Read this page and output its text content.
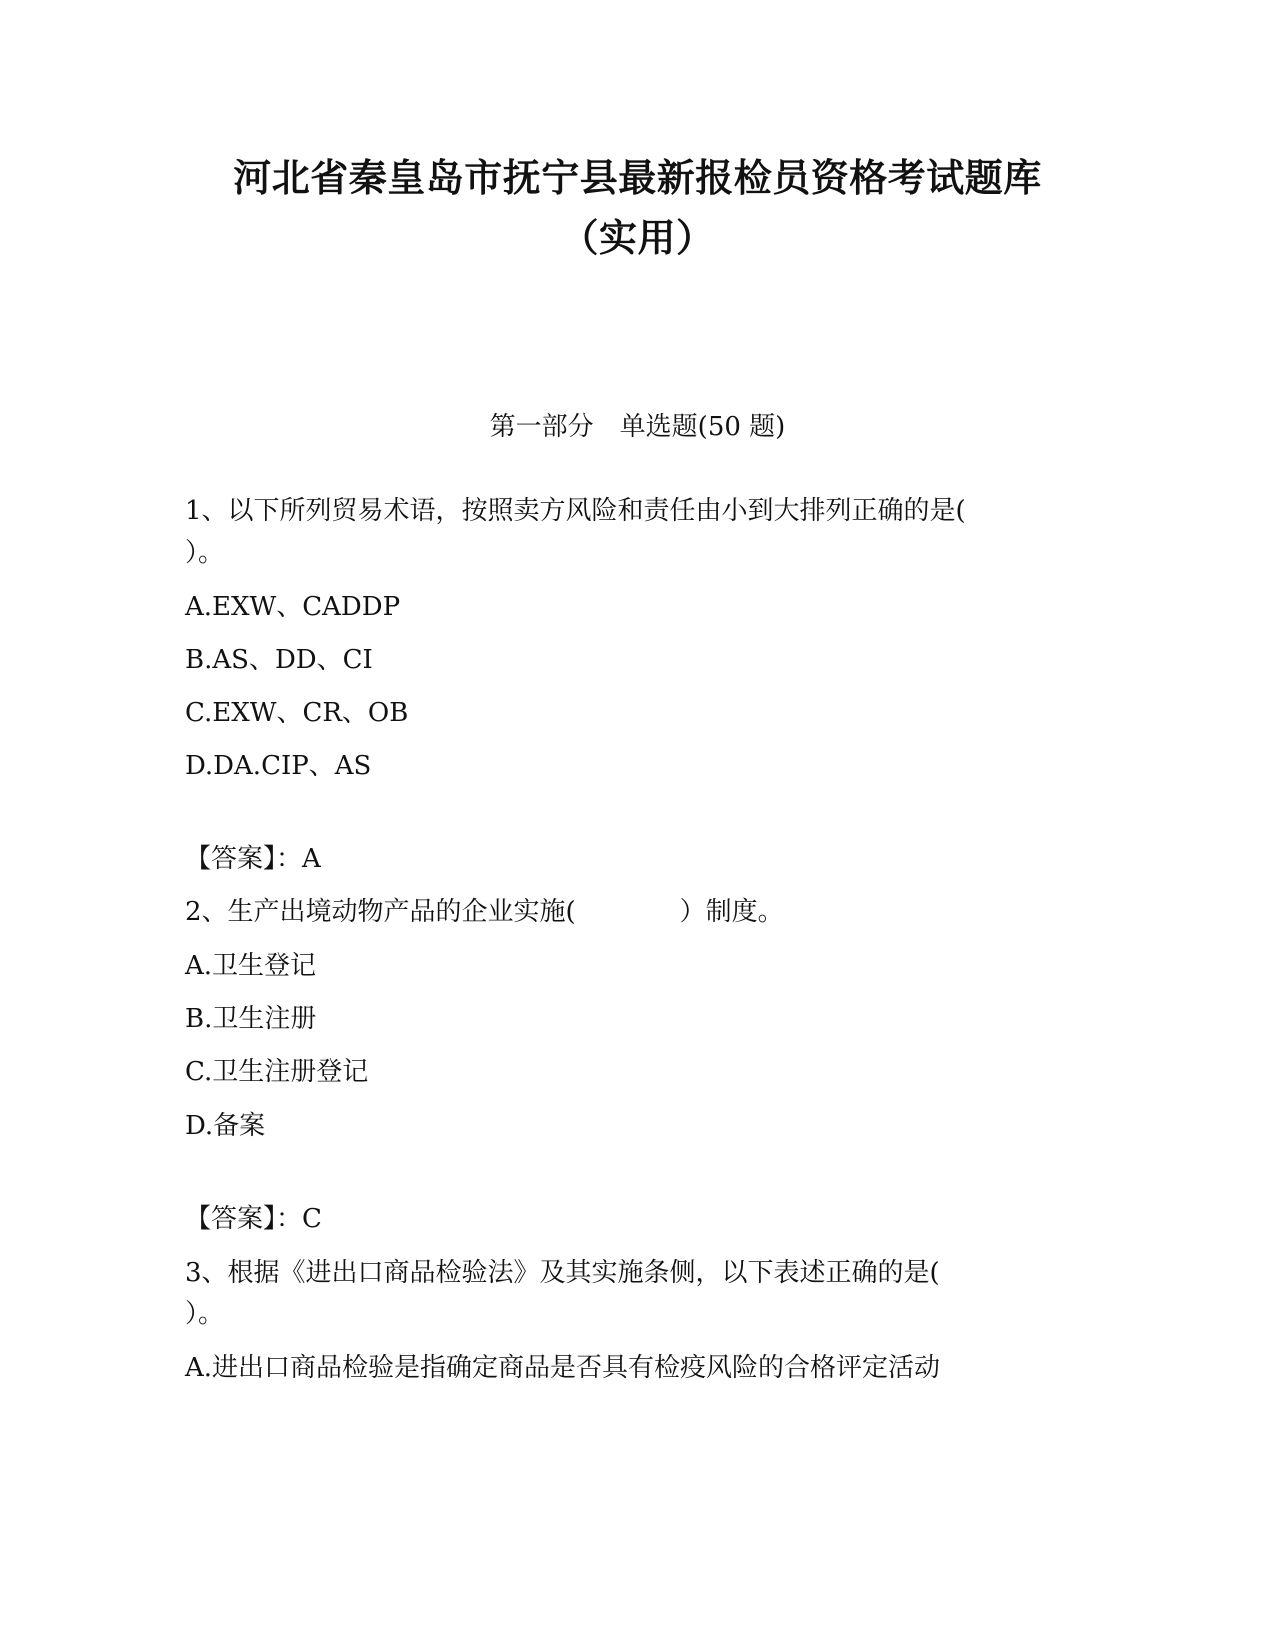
河北省秦皇岛市抚宁县最新报检员资格考试题库
（实用）
第一部分　单选题(50 题)
1、以下所列贸易术语，按照卖方风险和责任由小到大排列正确的是(
）。
A.EXW、CADDP
B.AS、DD、CI
C.EXW、CR、OB
D.DA.CIP、AS
【答案】：A
2、生产出境动物产品的企业实施(　　　　）制度。
A.卫生登记
B.卫生注册
C.卫生注册登记
D.备案
【答案】：C
3、根据《进出口商品检验法》及其实施条侧，以下表述正确的是(
）。
A.进出口商品检验是指确定商品是否具有检疫风险的合格评定活动
